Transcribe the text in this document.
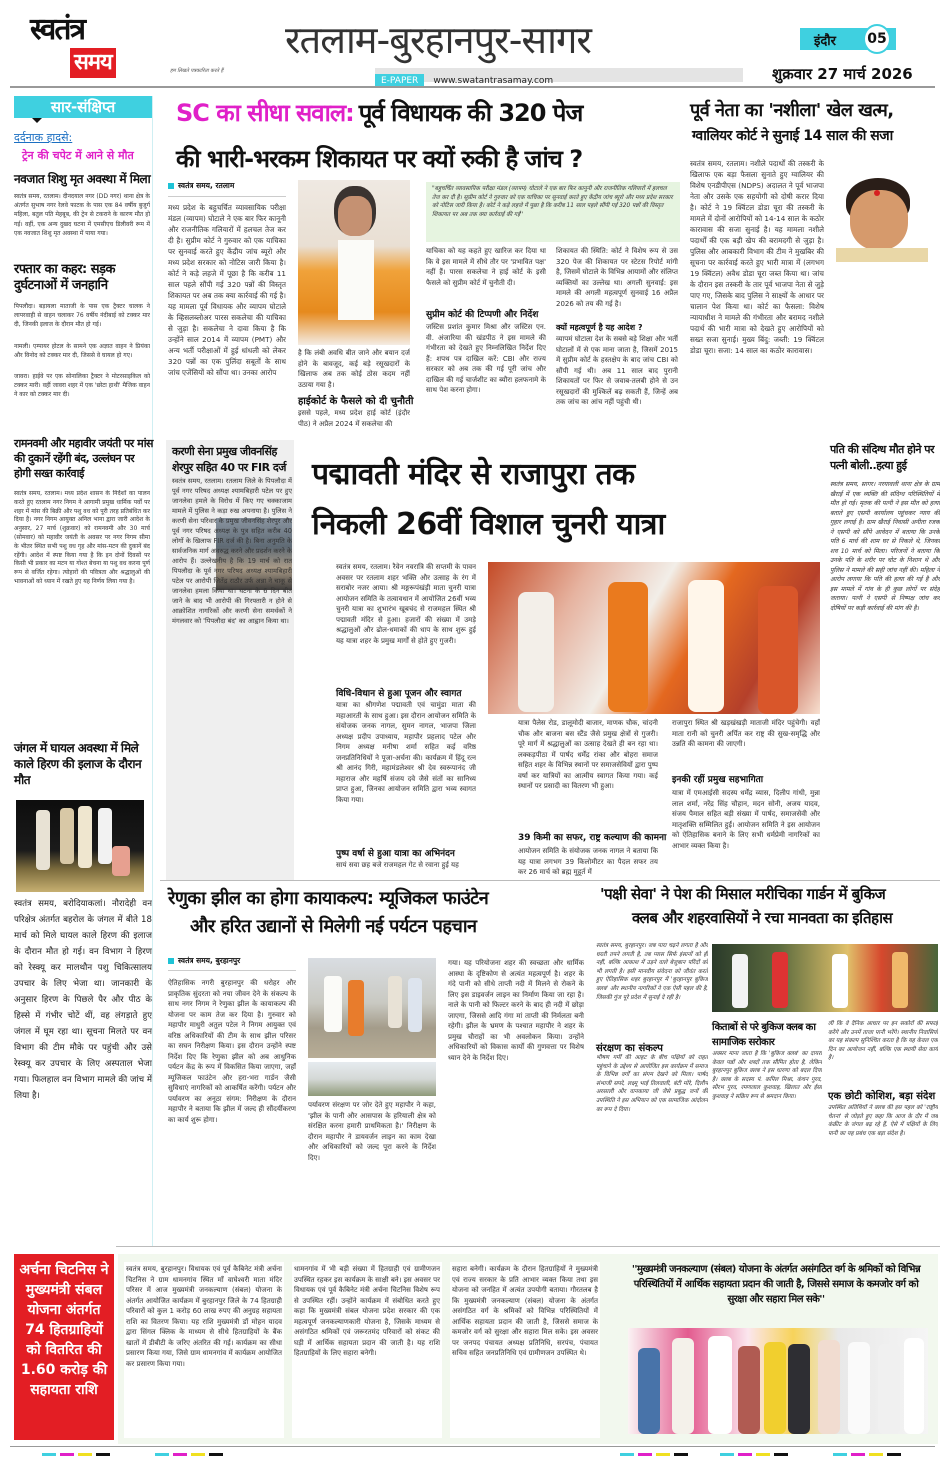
स्वतंत्र
समय	हम लिखते पत्रकारिता करते हैं
रतलाम-बुरहानपुर-सागर
E-PAPER www.swatantrasamay.com
इंदौर	05
शुक्रवार 27 मार्च 2026
सार-संक्षिप्त
दर्दनाक हादसे:
ट्रेन की चपेट में आने से मौत
नवजात शिशु मृत अवस्था में मिला
स्वतंत्र समय, रतलाम। दीनदयाल नगर (DD नगर) थाना क्षेत्र के अंतर्गत सुभाष नगर रेलवे फाटक के पास एक 84 वर्षीय बुजुर्ग महिला, बतुल पति मेहबूब, की ट्रेन से टकराने के कारण मौत हो गई। वहीं, एक अन्य दुखद घटना में एमसीएच डिलीवरी रूम में एक नवजात शिशु मृत अवस्था में पाया गया।
रफ्तार का कहर: सड़क दुर्घटनाओं में जनहानि
पिपलौदा। बड़ायला माताजी के पास एक ट्रैक्टर चालक ने लापरवाही से वाहन चलाकर 76 वर्षीय नंदीबाई को टक्कर मार दी, जिनकी इलाज के दौरान मौत हो गई।
नामली। एम्पायर होटल के सामने एक अज्ञात वाहन ने प्रियंका और विनोद को टक्कर मार दी, जिससे वे घायल हो गए।
जावरा। हाईवे पर एक सोनालिका ट्रैक्टर ने मोटरसाइकिल को टक्कर मारी। वहीं जावरा शहर में एक 'छोटा हाथी' मैजिक वाहन ने कार को टक्कर मार दी।
रामनवमी और महावीर जयंती पर मांस की दुकानें रहेंगी बंद, उल्लंघन पर होगी सख्त कार्रवाई
स्वतंत्र समय, रतलाम। मध्य प्रदेश शासन के निर्देशों का पालन करते हुए रतलाम नगर निगम ने आगामी प्रमुख धार्मिक पर्वों पर शहर में मांस की बिक्री और पशु वध को पूरी तरह प्रतिबंधित कर दिया है। नगर निगम आयुक्त अनिल भाना द्वारा जारी आदेश के अनुसार, 27 मार्च (शुक्रवार) को रामनवमी और 30 मार्च (सोमवार) को महावीर जयंती के अवसर पर नगर निगम सीमा के भीतर स्थित सभी पशु वध गृह और मांस-मटन की दुकानें बंद रहेंगी। आदेश में स्पष्ट किया गया है कि इन दोनों दिवसों पर किसी भी प्रकार का मटन या गोश्त बेचना या पशु वध करना पूर्ण रूप से वर्जित रहेगा। त्योहारों की पवित्रता और श्रद्धालुओं की भावनाओं को ध्यान में रखते हुए यह निर्णय लिया गया है।
जंगल में घायल अवस्था में मिले काले हिरण की इलाज के दौरान मौत
स्वतंत्र समय, बरोदियाकलां। नौरादेही वन परिक्षेत्र अंतर्गत बहरोल के जंगल में बीते 18 मार्च को मिले घायल काले हिरण की इलाज के दौरान मौत हो गई। वन विभाग ने हिरण को रेस्क्यू कर मालथौन पशु चिकित्सालय उपचार के लिए भेजा था। जानकारी के अनुसार हिरण के पिछले पैर और पीठ के हिस्से में गंभीर चोटें थीं, वह लंगड़ाते हुए जंगल में घूम रहा था। सूचना मिलते पर वन विभाग की टीम मौके पर पहुंची और उसे रेस्क्यू कर उपचार के लिए अस्पताल भेजा गया। फिलहाल वन विभाग मामले की जांच में लिया है।
अर्चना चिटनिस ने मुख्यमंत्री संबल योजना अंतर्गत 74 हितग्राहियों को वितरित की 1.60 करोड़ की सहायता राशि
SC का सीधा सवाल: पूर्व विधायक की 320 पेज
की भारी-भरकम शिकायत पर क्यों रुकी है जांच ?
स्वतंत्र समय, रतलाम
मध्य प्रदेश के बहुचर्चित व्यावसायिक परीक्षा मंडल (व्यापम) घोटाले ने एक बार फिर कानूनी और राजनीतिक गलियारों में हलचल तेज कर दी है। सुप्रीम कोर्ट ने गुरुवार को एक याचिका पर सुनवाई करते हुए केंद्रीय जांच ब्यूरो और मध्य प्रदेश सरकार को नोटिस जारी किया है। कोर्ट ने कड़े लहजे में पूछा है कि करीब 11 साल पहले सौंपी गई 320 पन्नों की विस्तृत शिकायत पर अब तक क्या कार्रवाई की गई है। यह मामला पूर्व विधायक और व्यापम घोटाले के व्हिसलब्लोअर पारस सकलेचा की याचिका से जुड़ा है। सकलेचा ने दावा किया है कि उन्होंने साल 2014 में व्यापम (PMT) और अन्य भर्ती परीक्षाओं में हुई धांधली को लेकर 320 पन्नों का एक पुलिंदा सबूतों के साथ जांच एजेंसियों को सौंपा था। उनका आरोप
"बहुचर्चित व्यावसायिक परीक्षा मंडल (व्यापम) घोटाले ने एक बार फिर कानूनी और राजनीतिक गलियारों में हलचल तेज कर दी है। सुप्रीम कोर्ट ने गुरुवार को एक याचिका पर सुनवाई करते हुए केंद्रीय जांच ब्यूरो और मध्य प्रदेश सरकार को नोटिस जारी किया है। कोर्ट ने कड़े लहजे में पूछा है कि करीब 11 साल पहले सौंपी गई 320 पन्नों की विस्तृत शिकायत पर अब तक क्या कार्रवाई की गई''
है कि लंबी अवधि बीत जाने और बयान दर्ज होने के बावजूद, कई बड़े रसूखदारों के खिलाफ अब तक कोई ठोस कदम नहीं उठाया गया है।
हाईकोर्ट के फैसले को दी चुनौती
इससे पहले, मध्य प्रदेश हाई कोर्ट (इंदौर पीठ) ने अप्रैल 2024 में सकलेचा की
याचिका को यह कहते हुए खारिज कर दिया था कि वे इस मामले में सीधे तौर पर 'प्रभावित पक्ष' नहीं हैं। पारस सकलेचा ने हाई कोर्ट के इसी फैसले को सुप्रीम कोर्ट में चुनौती दी।
सुप्रीम कोर्ट की टिप्पणी और निर्देश
जस्टिस प्रशांत कुमार मिश्रा और जस्टिस एन. वी. अंजारिया की खंडपीठ ने इस मामले की गंभीरता को देखते हुए निम्नलिखित निर्देश दिए हैं: शपथ पत्र दाखिल करें: CBI और राज्य सरकार को अब तक की गई पूरी जांच और दाखिल की गई चार्जशीट का ब्यौरा हलफनामे के साथ पेश करना होगा।
शिकायत की स्थिति: कोर्ट ने विशेष रूप से उस 320 पेज की शिकायत पर स्टेटस रिपोर्ट मांगी है, जिसमें घोटाले के विभिन्न आयामों और संलिप्त व्यक्तियों का उल्लेख था। अगली सुनवाई: इस मामले की अगली महत्वपूर्ण सुनवाई 16 अप्रैल 2026 को तय की गई है।
क्यों महत्वपूर्ण है यह आदेश ?
व्यापमं घोटाला देश के सबसे बड़े शिक्षा और भर्ती घोटालों में से एक माना जाता है, जिसमें 2015 में सुप्रीम कोर्ट के हस्तक्षेप के बाद जांच CBI को सौंपी गई थी। अब 11 साल बाद पुरानी शिकायतों पर फिर से जवाब-तलबी होने से उन रसूखदारों की मुश्किलें बढ़ सकती हैं, जिन्हें अब तक जांच का आंच नहीं पहुंची थी।
पूर्व नेता का 'नशीला' खेल खत्म,
ग्वालियर कोर्ट ने सुनाई 14 साल की सजा
स्वतंत्र समय, रतलाम। नशीले पदार्थों की तस्करी के खिलाफ एक बड़ा फैसला सुनाते हुए ग्वालियर की विशेष एनडीपीएस (NDPS) अदालत ने पूर्व भाजपा नेता और उसके एक सहयोगी को दोषी करार दिया है। कोर्ट ने 19 क्विंटल डोडा चूरा की तस्करी के मामले में दोनों आरोपियों को 14-14 साल के कठोर कारावास की सजा सुनाई है। यह मामला नशीले पदार्थों की एक बड़ी खेप की बरामदगी से जुड़ा है। पुलिस और आबकारी विभाग की टीम ने मुखबिर की सूचना पर कार्रवाई करते हुए भारी मात्रा में (लगभग 19 क्विंटल) अवैध डोडा चूरा जब्त किया था। जांच के दौरान इस तस्करी के तार पूर्व भाजपा नेता से जुड़े पाए गए, जिसके बाद पुलिस ने साक्ष्यों के आधार पर चालान पेश किया था। कोर्ट का फैसला: विशेष न्यायाधीश ने मामले की गंभीरता और बरामद नशीले पदार्थ की भारी मात्रा को देखते हुए आरोपियों को सख्त सजा सुनाई। मुख्य बिंदु: जब्ती: 19 क्विंटल डोडा चूरा। सजा: 14 साल का कठोर कारावास।
करणी सेना प्रमुख जीवनसिंह शेरपुर सहित 40 पर FIR दर्ज
स्वतंत्र समय, रतलाम। रतलाम जिले के पिपलौदा में पूर्व नगर परिषद अध्यक्ष श्यामबिहारी पटेल पर हुए जानलेवा हमले के विरोध में किए गए चक्काजाम मामले में पुलिस ने कड़ा रुख अपनाया है। पुलिस ने करणी सेना परिवार के प्रमुख जीवनसिंह शेरपुर और पूर्व नगर परिषद अध्यक्ष के पुत्र सहित करीब 40 लोगों के खिलाफ FIR दर्ज की है। बिना अनुमति के सार्वजनिक मार्ग अवरुद्ध करने और प्रदर्शन करने के आरोप हैं। उल्लेखनीय है कि 19 मार्च को रात पिपलौदा के पूर्व नगर परिषद अध्यक्ष श्यामबिहारी पटेल पर आरोपी जितेंद्र राठौर उर्फ अन्ना ने चाकू से जानलेवा हमला किया था। घटना के 6 दिन बीत जाने के बाद भी आरोपी की गिरफ्तारी न होने से आक्रोशित नागरिकों और करणी सेना समर्थकों ने मंगलवार को 'पिपलौदा बंद' का आह्वान किया था।
पद्मावती मंदिर से राजापुरा तक
निकली 26वीं विशाल चुनरी यात्रा
स्वतंत्र समय, रतलाम। रैवेन नवरात्रि की सप्तमी के पावन अवसर पर रतलाम शहर भक्ति और उत्साह के रंग में सराबोर नजर आया। श्री मङ्गरूपंखंड़ी माता चुनरी यात्रा आयोजन समिति के तत्वावधान में आयोजित 26वीं भव्य चुनरी यात्रा का शुभारंभ खूबचंद से राजमहल स्थित श्री पद्मावती मंदिर से हुआ। हजारों की संख्या में उमड़े श्रद्धालुओं और ढोल-धमाकों की धाप के साथ शुरू हुई यह यात्रा शहर के प्रमुख मार्गों से होते हुए गुजरी।
विधि-विधान से हुआ पूजन और स्वागत
यात्रा का श्रीगणेश पद्मावती एवं चामुंडा माता की महाआरती के साथ हुआ। इस दौरान आयोजन समिति के संयोजक जनक नागल, सुमन नागल, भाजपा जिला अध्यक्ष प्रदीप उपाध्याय, महापौर प्रहलाद पटेल और निगम अध्यक्ष मनीषा शर्मा सहित कई वरिष्ठ जनप्रतिनिधियों ने पूजा-अर्चना की। कार्यक्रम में हिंदू रत्न श्री आनंद गिरी, महामंडलेश्वर श्री देव स्वरूपानंद जी महाराज और महर्षि संजय दवे जैसे संतों का सानिध्य प्राप्त हुआ, जिनका आयोजन समिति द्वारा भव्य स्वागत किया गया।
पुष्प वर्षा से हुआ यात्रा का अभिनंदन
सायं सवा छह बजे राजमहल गेट से रवाना हुई यह
यात्रा पैलेस रोड, डालूमोदी बाजार, माणक चौक, चांदनी चौक और बाजना बस स्टैंड जैसे प्रमुख क्षेत्रों से गुजरी। पूरे मार्ग में श्रद्धालुओं का उत्साह देखते ही बन रहा था। लक्कड़पीठा में पार्षद धर्मेंद्र रांका और बोहरा समाज सहित शहर के विभिन्न स्थानों पर समाजसेवियों द्वारा पुष्प वर्षा कर यात्रियों का आत्मीय स्वागत किया गया। कई स्थानों पर प्रसादी का वितरण भी हुआ।
39 किमी का सफर, राष्ट्र कल्याण की कामना
आयोजन समिति के संयोजक जनक नागल ने बताया कि यह यात्रा लगभग 39 किलोमीटर का पैदल सफर तय कर 26 मार्च को ब्रह्म मुहूर्त में
राजापुरा स्थित श्री खड़खंखड़ी माताजी मंदिर पहुंचेगी। वहाँ माता रानी को चुनरी अर्पित कर राष्ट्र की सुख-समृद्धि और उन्नति की कामना की जाएगी।
इनकी रहीं प्रमुख सहभागिता
यात्रा में एमआईसी सदस्य धर्मेंद्र व्यास, दिलीप गांधी, मुन्ना लाल शर्मा, नरेंद्र सिंह चौहान, मदन सोनी, अजय यादव, संजय पैमाल सहित बड़ी संख्या में पार्षद, समाजसेवी और मातृशक्ति सम्मिलित हुईं। आयोजन समिति ने इस आयोजन को ऐतिहासिक बनाने के लिए सभी धर्मप्रेमी नागरिकों का आभार व्यक्त किया है।
पति की संदिग्ध मौत होने पर पत्नी बोली..हत्या हुई
स्वतंत्र समय, सागर। नरयावली थाना क्षेत्र के ग्राम खैराई में एक व्यक्ति की संदिग्ध परिस्थितियों में मौत हो गई। मृतक की पत्नी ने इस मौत को हत्या बताते हुए एसपी कार्यालय पहुंचकर न्याय की गुहार लगाई है। ग्राम खैराई निवासी अनीता रजक ने एसपी को सौंपे आवेदन में बताया कि उनके पति 6 मार्च की शाम घर से निकले थे, जिनका शव 10 मार्च को मिला। परिजनों ने बताया कि उनके पति के शरीर पर चोट के निशान थे और पुलिस ने मामले की सही जांच नहीं की। महिला ने आरोप लगाया कि पति की हत्या की गई है और इस मामले में गांव के ही कुछ लोगों पर संदेह जताया। पत्नी ने एसपी से निष्पक्ष जांच कर दोषियों पर कड़ी कार्रवाई की मांग की है।
रेणुका झील का होगा कायाकल्प: म्यूजिकल फाउंटेन
और हरित उद्यानों से मिलेगी नई पर्यटन पहचान
स्वतंत्र समय, बुरहानपुर
ऐतिहासिक नगरी बुरहानपुर की धरोहर और प्राकृतिक सुंदरता को नया जीवन देने के संकल्प के साथ नगर निगम ने रेणुका झील के कायाकल्प की योजना पर काम तेज कर दिया है। गुरुवार को महापौर माधुरी अतुल पटेल ने निगम आयुक्त एवं वरिष्ठ अधिकारियों की टीम के साथ झील परिसर का सघन निरीक्षण किया। इस दौरान उन्होंने स्पष्ट निर्देश दिए कि रेणुका झील को अब आधुनिक पर्यटन केंद्र के रूप में विकसित किया जाएगा, जहाँ म्यूजिकल फाउंटेन और हरा-भरा गार्डन जैसी सुविधाएं नागरिकों को आकर्षित करेंगी। पर्यटन और पर्यावरण का अनूठा संगम: निरीक्षण के दौरान महापौर ने बताया कि झील में जल्द ही सौंदर्यीकरण का कार्य शुरू होगा।
पर्यावरण संरक्षण पर जोर देते हुए महापौर ने कहा, 'झील के पानी और आसपास के हरियाली क्षेत्र को संरक्षित करना हमारी प्राथमिकता है।' निरीक्षण के दौरान महापौर ने डायवर्जन लाइन का काम देखा और अधिकारियों को जल्द पूरा करने के निर्देश दिए।
गया। यह परियोजना शहर की स्वच्छता और धार्मिक आस्था के दृष्टिकोण से अत्यंत महत्वपूर्ण है। शहर के गंदे पानी को सीधे ताप्ती नदी में मिलने से रोकने के लिए इस डाइवर्जन लाइन का निर्माण किया जा रहा है। नाले के पानी को फिल्टर करने के बाद ही नदी में छोड़ा जाएगा, जिससे आदि गंगा मां ताप्ती की निर्मलता बनी रहेगी। झील के भ्रमण के पश्चात महापौर ने शहर के प्रमुख चौराहों का भी अवलोकन किया। उन्होंने अधिकारियों को विकास कार्यों की गुणवत्ता पर विशेष ध्यान देने के निर्देश दिए।
'पक्षी सेवा' ने पेश की मिसाल मरीचिका गार्डन में बुकिज
क्लब और शहरवासियों ने रचा मानवता का इतिहास
स्वतंत्र समय, बुरहानपुर। जब पारा चढ़ने लगता है और धरती तपने लगती है, तब प्यास सिर्फ इंसानों को ही नहीं, बल्कि आकाश में उड़ने वाले बेजुबान परिंदों को भी लगती है। इसी मानवीय संवेदना को जीवंत करते हुए ऐतिहासिक शहर बुरहानपुर में 'बुरहानपुर बुकिज क्लब' और स्थानीय नागरिकों ने एक ऐसी पहल की है, जिसकी गूंज पूरे प्रदेश में सुनाई दे रही है।
संरक्षण का संकल्प
भीषण गर्मी की आहट के बीच पक्षियों को राहत पहुंचाने के उद्देश्य से आयोजित इस कार्यक्रम में समाज के विभिन्न वर्गों का संगम देखने को मिला। पार्षद संभाजी सपरे, लक्ष्मू भाई तिलवाली, बंटी मोरे, दिलीप अरसाली और वानकाया जी जैसे प्रबुद्ध जनों की उपस्थिति ने इस अभियान को एक सामाजिक आंदोलन का रूप दे दिया।
किताबों से परे बुकिज क्लब का सामाजिक सरोकार
अक्सर माना जाता है कि 'बुकिज क्लब' का दायरा केवल पन्नों और शब्दों तक सीमित होता है, लेकिन बुरहानपुर बुकिज क्लब ने इस धारणा को बदल दिया है। क्लब के सदस्य पं. कपिल मिश्रा, कंचन गुरव, सौरभ गुरव, रमणलाल कुशवाह, खिलात और ईसा कुशवाह ने सक्रिय रूप से श्रमदान किया।
ली कि वे दैनिक आधार पर इन सकोरों की सफाई करेंगे और उनमें ताजा पानी भरेंगे। स्थानीय निवासियों का यह संकल्प सुनिश्चित करता है कि यह केवल एक दिन का आयोजन नहीं, बल्कि एक स्थायी सेवा कार्य है।
एक छोटी कोशिश, बड़ा संदेश
उपस्थित अतिथियों ने क्लब की इस पहल को 'राष्ट्रीय चेतना' से जोड़ते हुए कहा कि आज के दौर में जब कंक्रीट के जंगल बढ़ रहे हैं, ऐसे में पक्षियों के लिए पानी का यह प्रबंध एक बड़ा संदेश है।
स्वतंत्र समय, बुरहानपुर। विधायक एवं पूर्व कैबिनेट मंत्री अर्चना चिटनिस ने ग्राम धामनगांव स्थित माँ वाघेश्वरी माता मंदिर परिसर में आज मुख्यमंत्री जनकल्याण (संबल) योजना के अंतर्गत आयोजित कार्यक्रम में बुरहानपुर जिले के 74 हितग्राही परिवारों को कुल 1 करोड़ 60 लाख रुपए की अनुग्रह सहायता राशि का वितरण किया। यह राशि मुख्यमंत्री डॉ मोहन यादव द्वारा सिंगल क्लिक के माध्यम से सीधे हितग्राहियों के बैंक खातों में डीबीटी के जरिए अंतरित की गई। कार्यक्रम का सीधा प्रसारण किया गया, जिसे ग्राम धामनगांव में कार्यक्रम आयोजित कर प्रसारण किया गया।
धामनगांव में भी बड़ी संख्या में हितग्राही एवं ग्रामीणजन उपस्थित रहकर इस कार्यक्रम के साक्षी बने। इस अवसर पर विधायक एवं पूर्व कैबिनेट मंत्री अर्चना चिटनिस विशेष रूप से उपस्थित रहीं। उन्होंने कार्यक्रम में संबोधित करते हुए कहा कि मुख्यमंत्री संबल योजना प्रदेश सरकार की एक महत्वपूर्ण जनकल्याणकारी योजना है, जिसके माध्यम से असंगठित श्रमिकों एवं जरूरतमंद परिवारों को संकट की घड़ी में आर्थिक सहायता प्रदान की जाती है। यह राशि हितग्राहियों के लिए सहारा बनेगी।
सहारा बनेगी। कार्यक्रम के दौरान हितग्राहियों ने मुख्यमंत्री एवं राज्य सरकार के प्रति आभार व्यक्त किया तथा इस योजना को जनहित में अत्यंत उपयोगी बताया। गौरतलब है कि मुख्यमंत्री जनकल्याण (संबल) योजना के अंतर्गत असंगठित वर्ग के श्रमिकों को विभिन्न परिस्थितियों में आर्थिक सहायता प्रदान की जाती है, जिससे समाज के कमजोर वर्ग को सुरक्षा और सहारा मिल सके। इस अवसर पर जनपद पंचायत अध्यक्ष प्रतिनिधि, सरपंच, पंचायत सचिव सहित जनप्रतिनिधि एवं ग्रामीणजन उपस्थित थे।
''मुख्यमंत्री जनकल्याण (संबल) योजना के अंतर्गत असंगठित वर्ग के श्रमिकों को विभिन्न परिस्थितियों में आर्थिक सहायता प्रदान की जाती है, जिससे समाज के कमजोर वर्ग को सुरक्षा और सहारा मिल सके''
